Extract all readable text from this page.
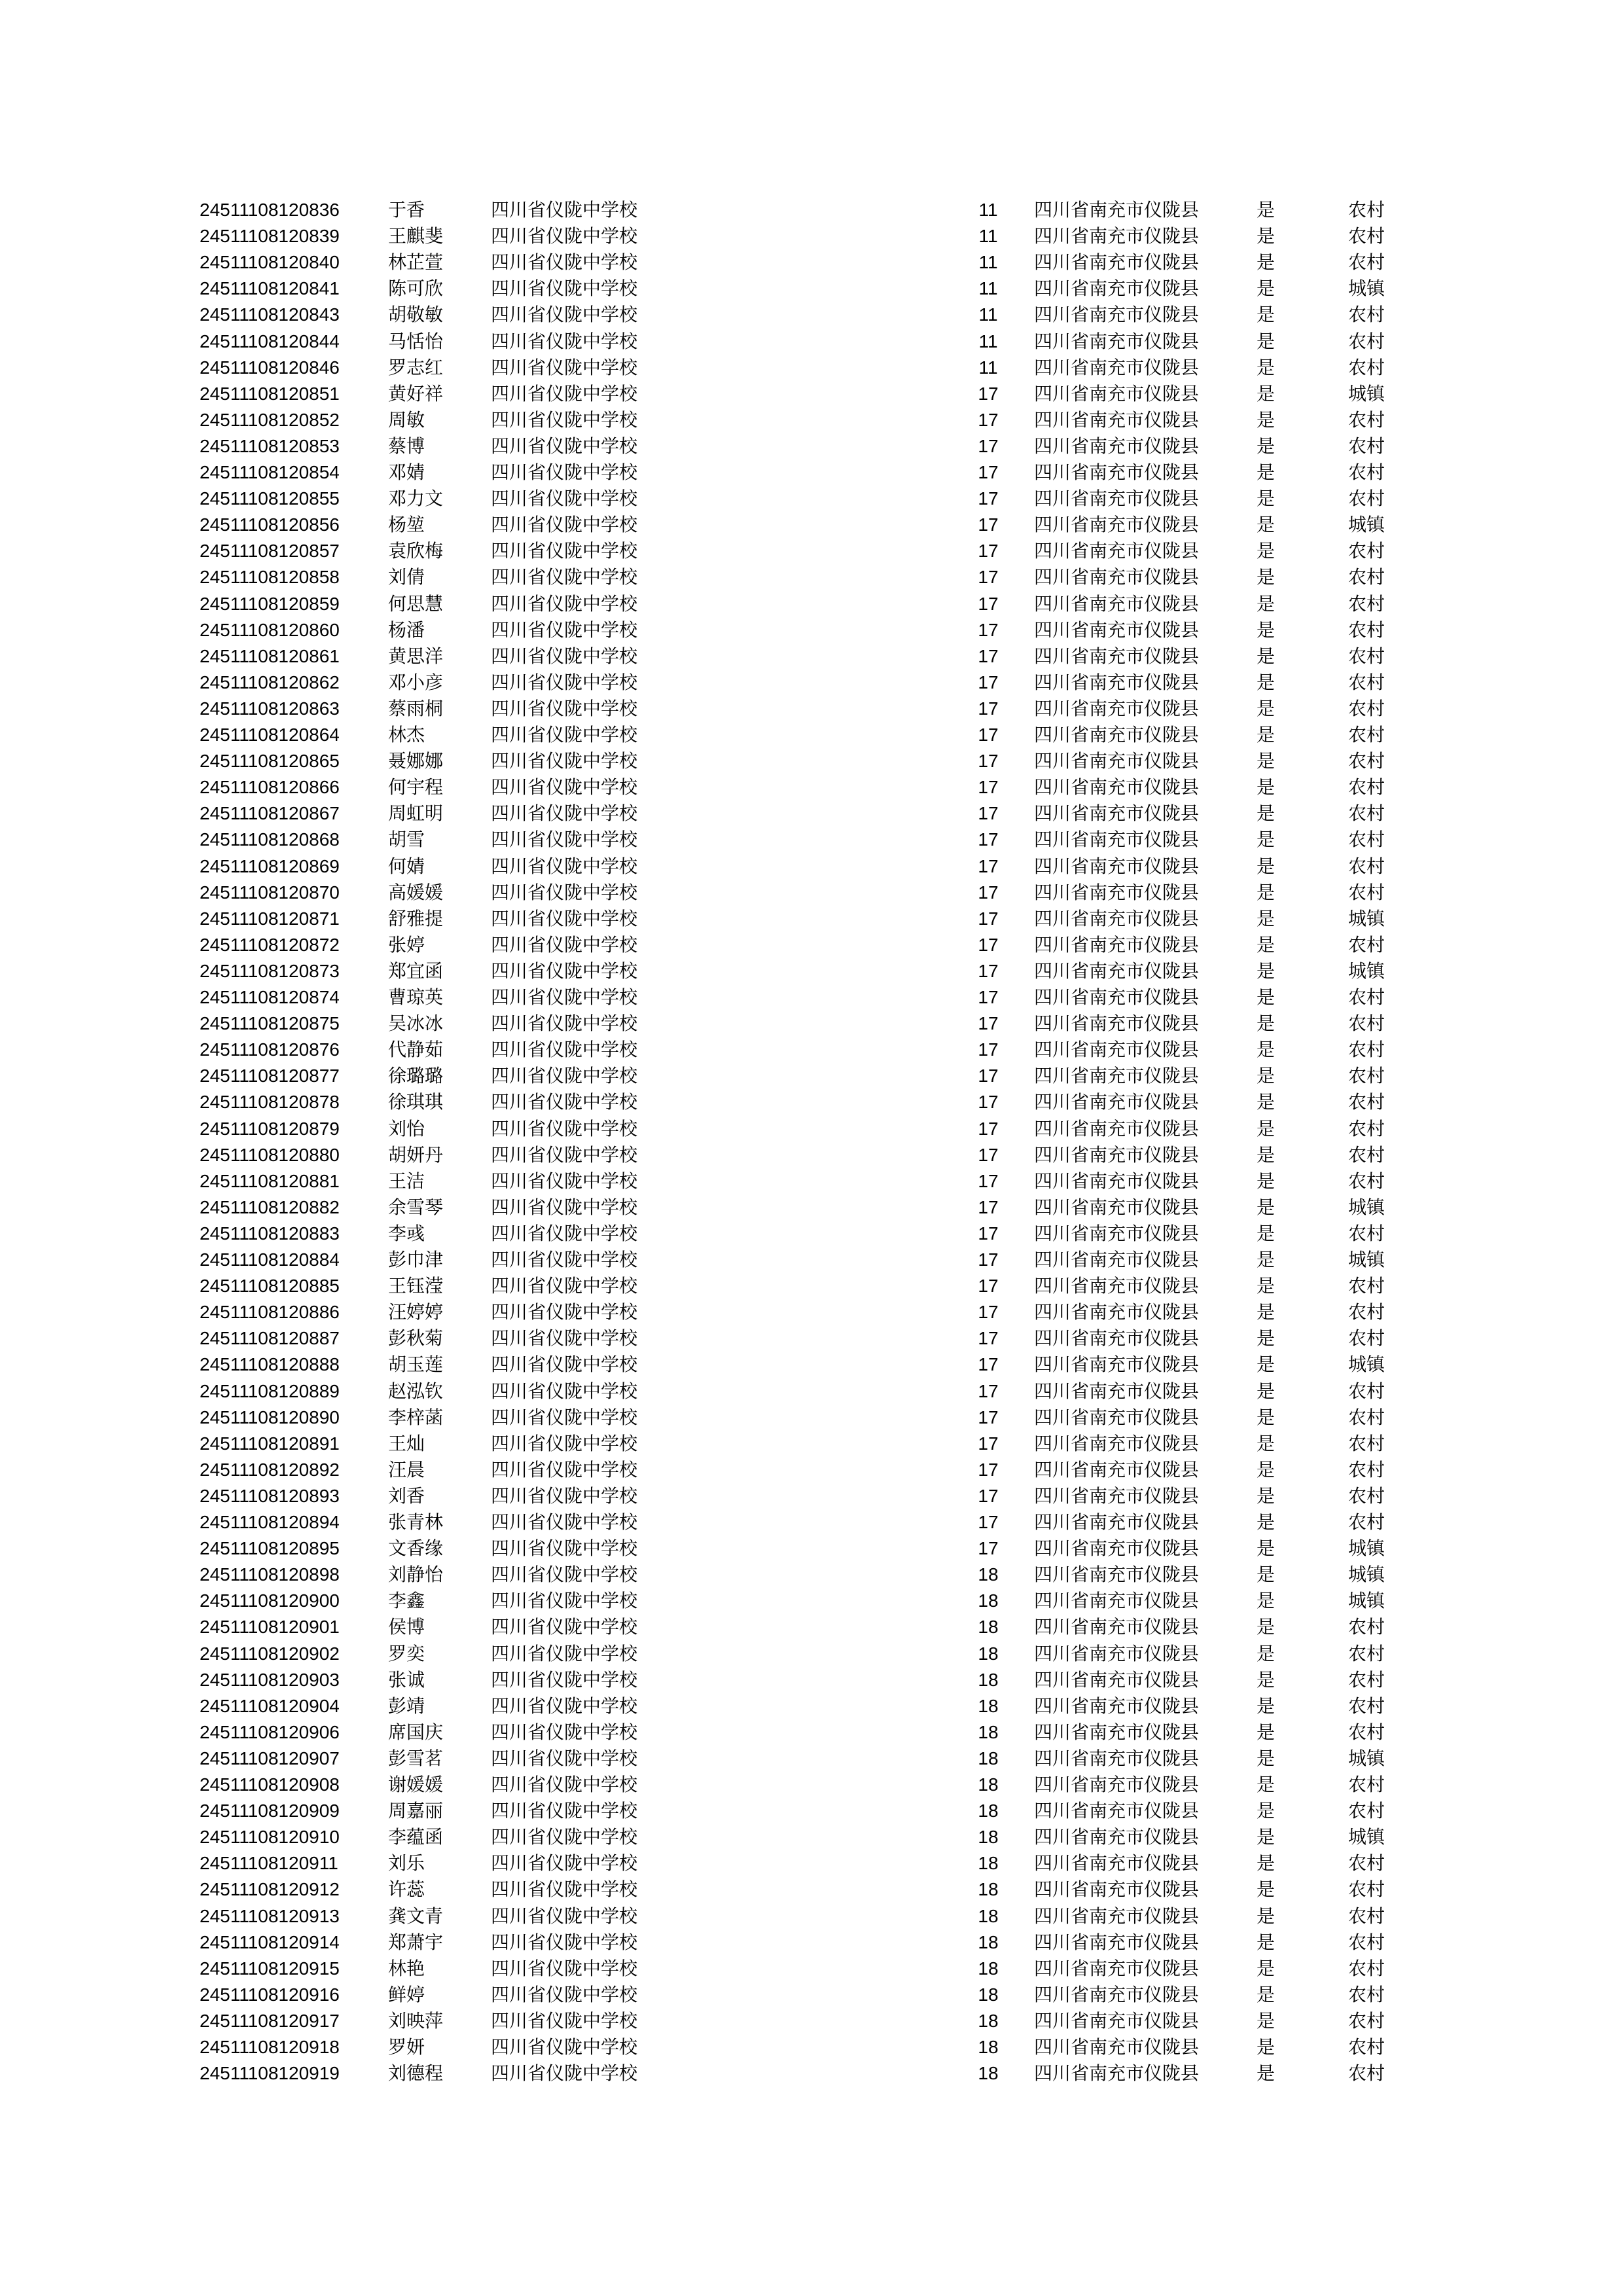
24511108120836	于香	四川省仪陇中学校	11	四川省南充市仪陇县	是	农村
24511108120839	王麒斐	四川省仪陇中学校	11	四川省南充市仪陇县	是	农村
24511108120840	林芷萱	四川省仪陇中学校	11	四川省南充市仪陇县	是	农村
24511108120841	陈可欣	四川省仪陇中学校	11	四川省南充市仪陇县	是	城镇
24511108120843	胡敬敏	四川省仪陇中学校	11	四川省南充市仪陇县	是	农村
24511108120844	马恬怡	四川省仪陇中学校	11	四川省南充市仪陇县	是	农村
24511108120846	罗志红	四川省仪陇中学校	11	四川省南充市仪陇县	是	农村
24511108120851	黄好祥	四川省仪陇中学校	17	四川省南充市仪陇县	是	城镇
24511108120852	周敏	四川省仪陇中学校	17	四川省南充市仪陇县	是	农村
24511108120853	蔡博	四川省仪陇中学校	17	四川省南充市仪陇县	是	农村
24511108120854	邓婧	四川省仪陇中学校	17	四川省南充市仪陇县	是	农村
24511108120855	邓力文	四川省仪陇中学校	17	四川省南充市仪陇县	是	农村
24511108120856	杨堃	四川省仪陇中学校	17	四川省南充市仪陇县	是	城镇
24511108120857	袁欣梅	四川省仪陇中学校	17	四川省南充市仪陇县	是	农村
24511108120858	刘倩	四川省仪陇中学校	17	四川省南充市仪陇县	是	农村
24511108120859	何思慧	四川省仪陇中学校	17	四川省南充市仪陇县	是	农村
24511108120860	杨潘	四川省仪陇中学校	17	四川省南充市仪陇县	是	农村
24511108120861	黄思洋	四川省仪陇中学校	17	四川省南充市仪陇县	是	农村
24511108120862	邓小彦	四川省仪陇中学校	17	四川省南充市仪陇县	是	农村
24511108120863	蔡雨桐	四川省仪陇中学校	17	四川省南充市仪陇县	是	农村
24511108120864	林杰	四川省仪陇中学校	17	四川省南充市仪陇县	是	农村
24511108120865	聂娜娜	四川省仪陇中学校	17	四川省南充市仪陇县	是	农村
24511108120866	何宇程	四川省仪陇中学校	17	四川省南充市仪陇县	是	农村
24511108120867	周虹明	四川省仪陇中学校	17	四川省南充市仪陇县	是	农村
24511108120868	胡雪	四川省仪陇中学校	17	四川省南充市仪陇县	是	农村
24511108120869	何婧	四川省仪陇中学校	17	四川省南充市仪陇县	是	农村
24511108120870	高媛媛	四川省仪陇中学校	17	四川省南充市仪陇县	是	农村
24511108120871	舒雅提	四川省仪陇中学校	17	四川省南充市仪陇县	是	城镇
24511108120872	张婷	四川省仪陇中学校	17	四川省南充市仪陇县	是	农村
24511108120873	郑宜函	四川省仪陇中学校	17	四川省南充市仪陇县	是	城镇
24511108120874	曹琼英	四川省仪陇中学校	17	四川省南充市仪陇县	是	农村
24511108120875	吴冰冰	四川省仪陇中学校	17	四川省南充市仪陇县	是	农村
24511108120876	代静茹	四川省仪陇中学校	17	四川省南充市仪陇县	是	农村
24511108120877	徐璐璐	四川省仪陇中学校	17	四川省南充市仪陇县	是	农村
24511108120878	徐琪琪	四川省仪陇中学校	17	四川省南充市仪陇县	是	农村
24511108120879	刘怡	四川省仪陇中学校	17	四川省南充市仪陇县	是	农村
24511108120880	胡妍丹	四川省仪陇中学校	17	四川省南充市仪陇县	是	农村
24511108120881	王洁	四川省仪陇中学校	17	四川省南充市仪陇县	是	农村
24511108120882	余雪琴	四川省仪陇中学校	17	四川省南充市仪陇县	是	城镇
24511108120883	李彧	四川省仪陇中学校	17	四川省南充市仪陇县	是	农村
24511108120884	彭巾津	四川省仪陇中学校	17	四川省南充市仪陇县	是	城镇
24511108120885	王钰滢	四川省仪陇中学校	17	四川省南充市仪陇县	是	农村
24511108120886	汪婷婷	四川省仪陇中学校	17	四川省南充市仪陇县	是	农村
24511108120887	彭秋菊	四川省仪陇中学校	17	四川省南充市仪陇县	是	农村
24511108120888	胡玉莲	四川省仪陇中学校	17	四川省南充市仪陇县	是	城镇
24511108120889	赵泓钦	四川省仪陇中学校	17	四川省南充市仪陇县	是	农村
24511108120890	李梓菡	四川省仪陇中学校	17	四川省南充市仪陇县	是	农村
24511108120891	王灿	四川省仪陇中学校	17	四川省南充市仪陇县	是	农村
24511108120892	汪晨	四川省仪陇中学校	17	四川省南充市仪陇县	是	农村
24511108120893	刘香	四川省仪陇中学校	17	四川省南充市仪陇县	是	农村
24511108120894	张青林	四川省仪陇中学校	17	四川省南充市仪陇县	是	农村
24511108120895	文香缘	四川省仪陇中学校	17	四川省南充市仪陇县	是	城镇
24511108120898	刘静怡	四川省仪陇中学校	18	四川省南充市仪陇县	是	城镇
24511108120900	李鑫	四川省仪陇中学校	18	四川省南充市仪陇县	是	城镇
24511108120901	侯博	四川省仪陇中学校	18	四川省南充市仪陇县	是	农村
24511108120902	罗奕	四川省仪陇中学校	18	四川省南充市仪陇县	是	农村
24511108120903	张诚	四川省仪陇中学校	18	四川省南充市仪陇县	是	农村
24511108120904	彭靖	四川省仪陇中学校	18	四川省南充市仪陇县	是	农村
24511108120906	席国庆	四川省仪陇中学校	18	四川省南充市仪陇县	是	农村
24511108120907	彭雪茗	四川省仪陇中学校	18	四川省南充市仪陇县	是	城镇
24511108120908	谢媛媛	四川省仪陇中学校	18	四川省南充市仪陇县	是	农村
24511108120909	周嘉丽	四川省仪陇中学校	18	四川省南充市仪陇县	是	农村
24511108120910	李蕴函	四川省仪陇中学校	18	四川省南充市仪陇县	是	城镇
24511108120911	刘乐	四川省仪陇中学校	18	四川省南充市仪陇县	是	农村
24511108120912	许蕊	四川省仪陇中学校	18	四川省南充市仪陇县	是	农村
24511108120913	龚文青	四川省仪陇中学校	18	四川省南充市仪陇县	是	农村
24511108120914	郑萧宇	四川省仪陇中学校	18	四川省南充市仪陇县	是	农村
24511108120915	林艳	四川省仪陇中学校	18	四川省南充市仪陇县	是	农村
24511108120916	鲜婷	四川省仪陇中学校	18	四川省南充市仪陇县	是	农村
24511108120917	刘映萍	四川省仪陇中学校	18	四川省南充市仪陇县	是	农村
24511108120918	罗妍	四川省仪陇中学校	18	四川省南充市仪陇县	是	农村
24511108120919	刘德程	四川省仪陇中学校	18	四川省南充市仪陇县	是	农村
